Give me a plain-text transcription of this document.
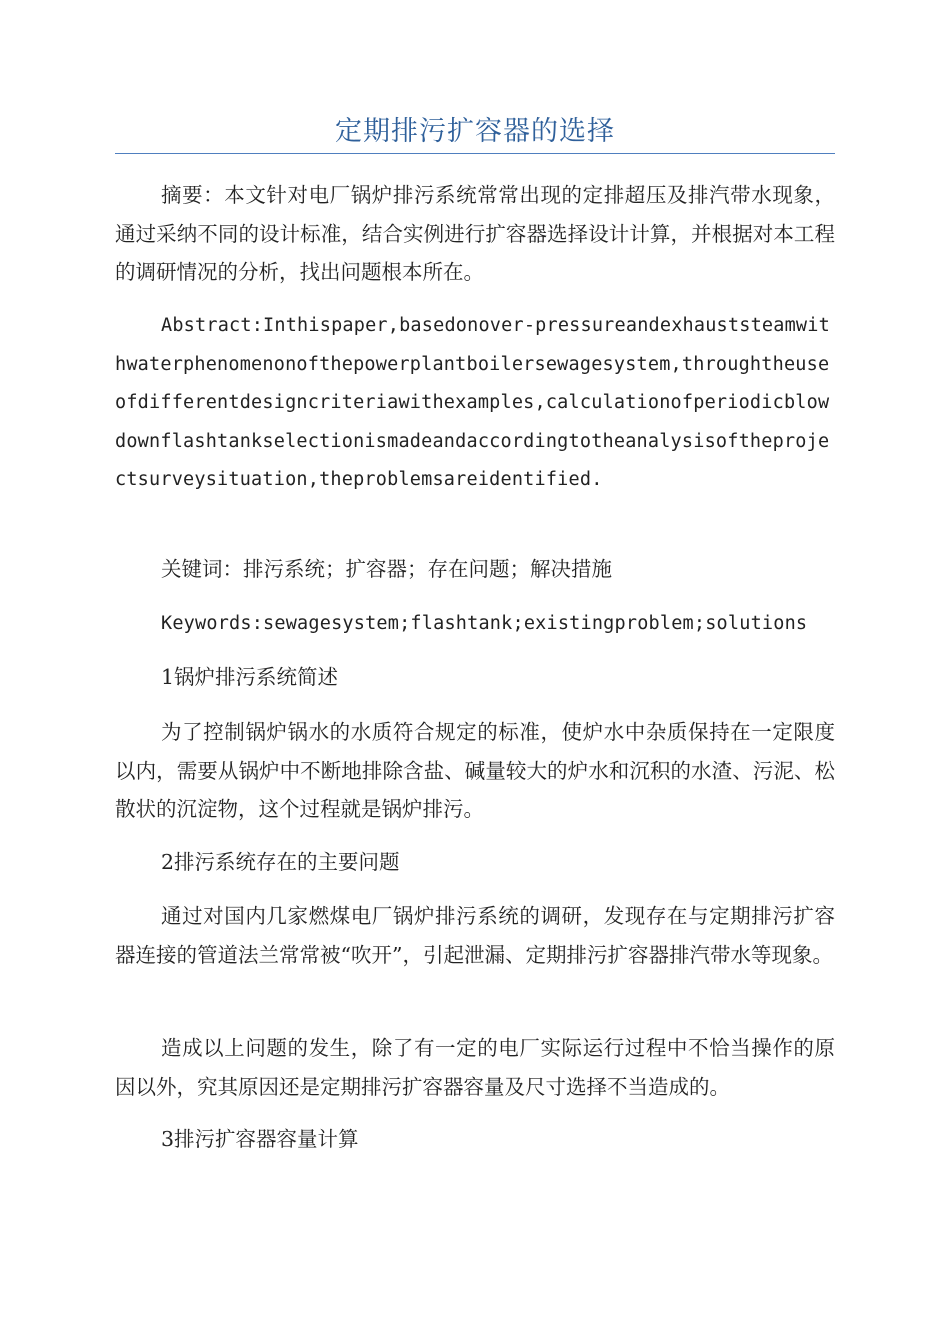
定期排污扩容器的选择

摘要：本文针对电厂锅炉排污系统常常出现的定排超压及排汽带水现象，通过采纳不同的设计标准，结合实例进行扩容器选择设计计算，并根据对本工程的调研情况的分析，找出问题根本所在。

Abstract:Inthispaper,basedonover-pressureandexhauststeamwithwaterphenomenonofthepowerplantboilersewagesystem,throughtheuseofdifferentdesigncriteriawithexamples,calculationofperiodicblowdownflashtankselectionismadeandaccordingtotheanalysisoftheprojectsurveysituation,theproblemsareidentified.

关键词：排污系统；扩容器；存在问题；解决措施

Keywords:sewagesystem;flashtank;existingproblem;solutions

1锅炉排污系统简述

为了控制锅炉锅水的水质符合规定的标准，使炉水中杂质保持在一定限度以内，需要从锅炉中不断地排除含盐、碱量较大的炉水和沉积的水渣、污泥、松散状的沉淀物，这个过程就是锅炉排污。

2排污系统存在的主要问题

通过对国内几家燃煤电厂锅炉排污系统的调研，发现存在与定期排污扩容器连接的管道法兰常常被“吹开”，引起泄漏、定期排污扩容器排汽带水等现象。

造成以上问题的发生，除了有一定的电厂实际运行过程中不恰当操作的原因以外，究其原因还是定期排污扩容器容量及尺寸选择不当造成的。

3排污扩容器容量计算
